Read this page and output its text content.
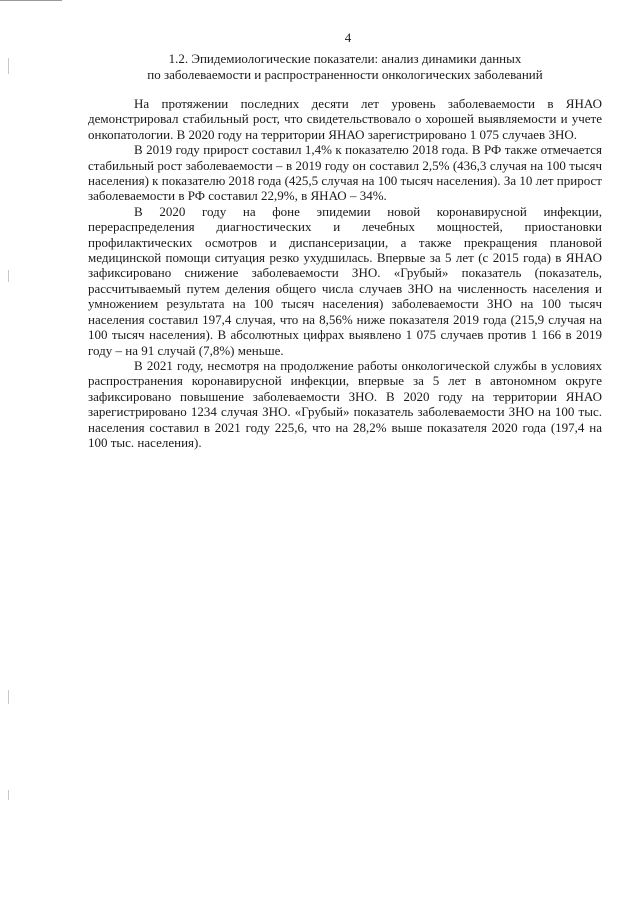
4
1.2. Эпидемиологические показатели: анализ динамики данных
по заболеваемости и распространенности онкологических заболеваний

На протяжении последних десяти лет уровень заболеваемости в ЯНАО демонстрировал стабильный рост, что свидетельствовало о хорошей выявляемости и учете онкопатологии. В 2020 году на территории ЯНАО зарегистрировано 1 075 случаев ЗНО.

В 2019 году прирост составил 1,4% к показателю 2018 года. В РФ также отмечается стабильный рост заболеваемости – в 2019 году он составил 2,5% (436,3 случая на 100 тысяч населения) к показателю 2018 года (425,5 случая на 100 тысяч населения). За 10 лет прирост заболеваемости в РФ составил 22,9%, в ЯНАО – 34%.

В 2020 году на фоне эпидемии новой коронавирусной инфекции, перераспределения диагностических и лечебных мощностей, приостановки профилактических осмотров и диспансеризации, а также прекращения плановой медицинской помощи ситуация резко ухудшилась. Впервые за 5 лет (с 2015 года) в ЯНАО зафиксировано снижение заболеваемости ЗНО. «Грубый» показатель (показатель, рассчитываемый путем деления общего числа случаев ЗНО на численность населения и умножением результата на 100 тысяч населения) заболеваемости ЗНО на 100 тысяч населения составил 197,4 случая, что на 8,56% ниже показателя 2019 года (215,9 случая на 100 тысяч населения). В абсолютных цифрах выявлено 1 075 случаев против 1 166 в 2019 году – на 91 случай (7,8%) меньше.

В 2021 году, несмотря на продолжение работы онкологической службы в условиях распространения коронавирусной инфекции, впервые за 5 лет в автономном округе зафиксировано повышение заболеваемости ЗНО. В 2020 году на территории ЯНАО зарегистрировано 1234 случая ЗНО. «Грубый» показатель заболеваемости ЗНО на 100 тыс. населения составил в 2021 году 225,6, что на 28,2% выше показателя 2020 года (197,4 на 100 тыс. населения).
